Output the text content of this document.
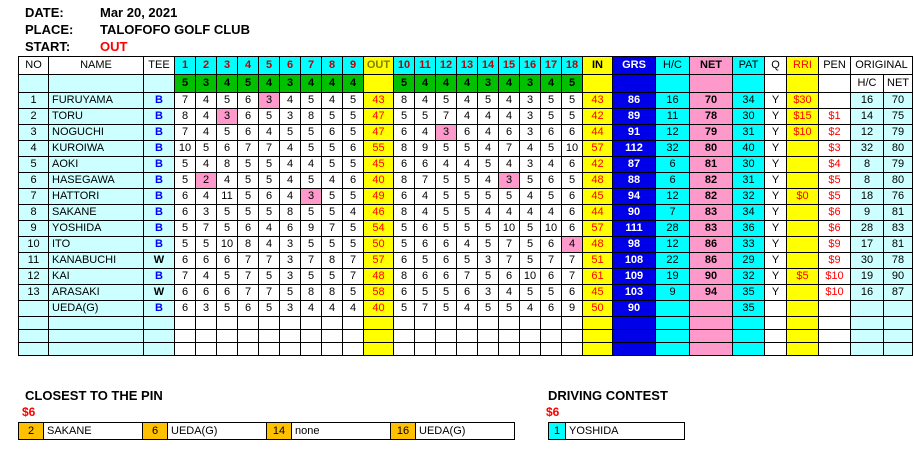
DATE:	Mar 20, 2021
PLACE: TALOFOFO GOLF CLUB
START: OUT
NO	NAME	TEE	1	2	3	4	5	6	7	8	9	OUT	10	11	12	13	14	15	16	17	18	IN	GRS	H/C	NET	PAT	Q	RRI	PEN	ORIGINAL	
			5	3	4	5	4	3	4	4	4		5	4	4	4	3	4	3	4	5									H/C	NET
1	FURUYAMA	B	7	4	5	6	3	4	5	4	5	43	8	4	5	4	5	4	3	5	5	43	86	16	70	34	Y	$30		16	70
2	TORU	B	8	4	3	6	5	3	8	5	5	47	5	5	7	4	4	4	3	5	5	42	89	11	78	30	Y	$15	$1	14	75
3	NOGUCHI	B	7	4	5	6	4	5	5	6	5	47	6	4	3	6	4	6	3	6	6	44	91	12	79	31	Y	$10	$2	12	79
4	KUROIWA	B	10	5	6	7	7	4	5	5	6	55	8	9	5	5	4	7	4	5	10	57	112	32	80	40	Y		$3	32	80
5	AOKI	B	5	4	8	5	5	4	4	5	5	45	6	6	4	4	5	4	3	4	6	42	87	6	81	30	Y		$4	8	79
6	HASEGAWA	B	5	2	4	5	5	4	5	4	6	40	8	7	5	5	4	3	5	6	5	48	88	6	82	31	Y		$5	8	80
7	HATTORI	B	6	4	11	5	6	4	3	5	5	49	6	4	5	5	5	5	4	5	6	45	94	12	82	32	Y	$0	$5	18	76
8	SAKANE	B	6	3	5	5	5	8	5	5	4	46	8	4	5	5	4	4	4	4	6	44	90	7	83	34	Y		$6	9	81
9	YOSHIDA	B	5	7	5	6	4	6	9	7	5	54	5	6	5	5	5	10	5	10	6	57	111	28	83	36	Y		$6	28	83
10	ITO	B	5	5	10	8	4	3	5	5	5	50	5	6	6	4	5	7	5	6	4	48	98	12	86	33	Y		$9	17	81
11	KANABUCHI	W	6	6	6	7	7	3	7	8	7	57	6	5	6	5	3	7	5	7	7	51	108	22	86	29	Y		$9	30	78
12	KAI	B	7	4	5	7	5	3	5	5	7	48	8	6	6	7	5	6	10	6	7	61	109	19	90	32	Y	$5	$10	19	90
13	ARASAKI	W	6	6	6	7	7	5	8	8	5	58	6	5	5	6	3	4	5	5	6	45	103	9	94	35	Y		$10	16	87
	UEDA(G)	B	6	3	5	6	5	3	4	4	4	40	5	7	5	4	5	5	4	6	9	50	90			35					

CLOSEST TO THE PIN
$6
2	SAKANE	6	UEDA(G)	14	none	16	UEDA(G)
DRIVING CONTEST
$6
1	YOSHIDA
